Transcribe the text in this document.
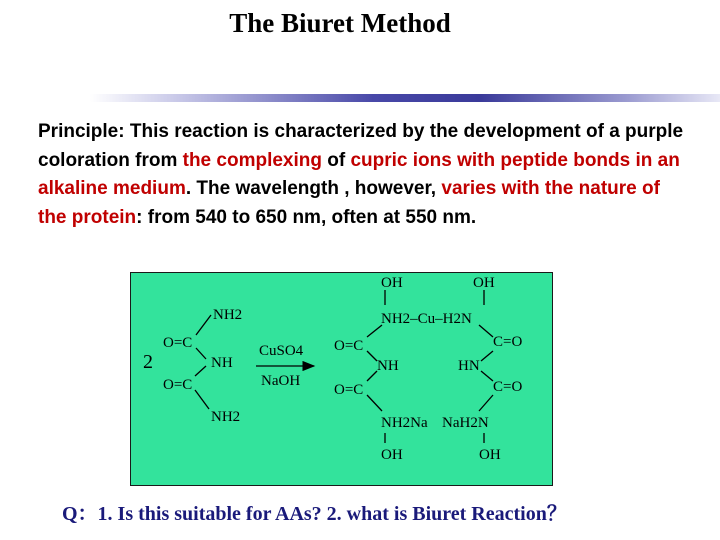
The Biuret Method
Principle: This reaction is characterized by the development of a purple coloration from the complexing of cupric ions with peptide bonds in an alkaline medium. The wavelength , however, varies with the nature of the protein: from 540 to 650 nm, often at 550 nm.
2
NH2
O=C
NH
O=C
NH2
CuSO4
NaOH
OH	OH
NH2–Cu–H2N
O=C	C=O
NH	HN
O=C	C=O
NH2Na NaH2N
OH	OH
Q：1. Is this suitable for AAs? 2. what is Biuret Reaction？
